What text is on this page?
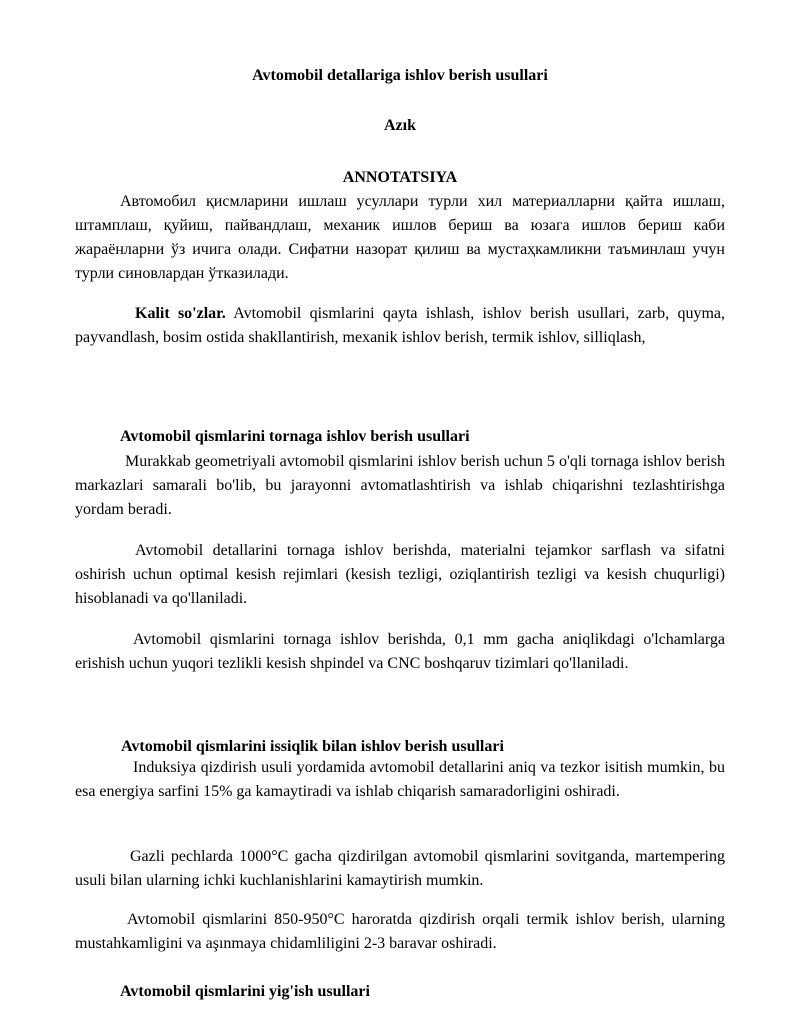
Avtomobil detallariga ishlov berish usullari
Azık
ANNOTATSIYA

Автомобил қисмларини ишлаш усуллари турли хил материалларни қайта ишлаш, штамплаш, қуйиш, пайвандлаш, механик ишлов бериш ва юзага ишлов бериш каби жараёнларни ўз ичига олади. Сифатни назорат қилиш ва мустаҳкамликни таъминлаш учун турли синовлардан ўтказилади.

Kalit so'zlar. Avtomobil qismlarini qayta ishlash, ishlov berish usullari, zarb, quyma, payvandlash, bosim ostida shakllantirish, mexanik ishlov berish, termik ishlov, silliqlash,

Avtomobil qismlarini tornaga ishlov berish usullari

Murakkab geometriyali avtomobil qismlarini ishlov berish uchun 5 o'qli tornaga ishlov berish markazlari samarali bo'lib, bu jarayonni avtomatlashtirish va ishlab chiqarishni tezlashtirishga yordam beradi.

Avtomobil detallarini tornaga ishlov berishda, materialni tejamkor sarflash va sifatni oshirish uchun optimal kesish rejimlari (kesish tezligi, oziqlantirish tezligi va kesish chuqurligi) hisoblanadi va qo'llaniladi.

Avtomobil qismlarini tornaga ishlov berishda, 0,1 mm gacha aniqlikdagi o'lchamlarga erishish uchun yuqori tezlikli kesish shpindel va CNC boshqaruv tizimlari qo'llaniladi.

Avtomobil qismlarini issiqlik bilan ishlov berish usullari

Induksiya qizdirish usuli yordamida avtomobil detallarini aniq va tezkor isitish mumkin, bu esa energiya sarfini 15% ga kamaytiradi va ishlab chiqarish samaradorligini oshiradi.

Gazli pechlarda 1000°C gacha qizdirilgan avtomobil qismlarini sovitganda, martempering usuli bilan ularning ichki kuchlanishlarini kamaytirish mumkin.

Avtomobil qismlarini 850-950°C haroratda qizdirish orqali termik ishlov berish, ularning mustahkamligini va aşınmaya chidamliligini 2-3 baravar oshiradi.

Avtomobil qismlarini yig'ish usullari
